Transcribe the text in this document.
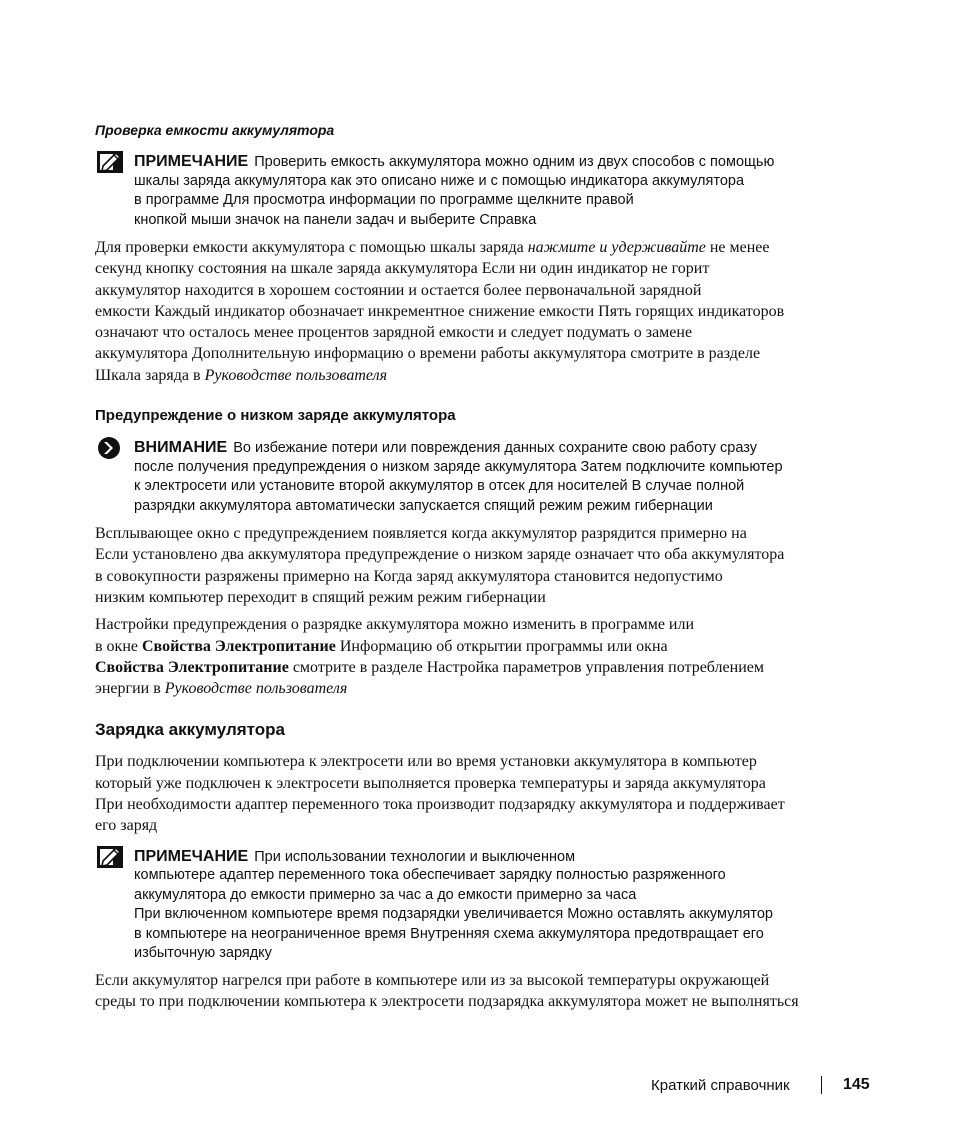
Проверка емкости аккумулятора
ПРИМЕЧАНИЕ Проверить емкость аккумулятора можно одним из двух способов с помощью
шкалы заряда аккумулятора как это описано ниже и с помощью индикатора аккумулятора
в программе Для просмотра информации по программе щелкните правой
кнопкой мыши значок на панели задач и выберите Справка
Для проверки емкости аккумулятора с помощью шкалы заряда нажмите и удерживайте не менее
секунд кнопку состояния на шкале заряда аккумулятора Если ни один индикатор не горит
аккумулятор находится в хорошем состоянии и остается более первоначальной зарядной
емкости Каждый индикатор обозначает инкрементное снижение емкости Пять горящих индикаторов
означают что осталось менее процентов зарядной емкости и следует подумать о замене
аккумулятора Дополнительную информацию о времени работы аккумулятора смотрите в разделе
Шкала заряда в Руководстве пользователя
Предупреждение о низком заряде аккумулятора
ВНИМАНИЕ Во избежание потери или повреждения данных сохраните свою работу сразу
после получения предупреждения о низком заряде аккумулятора Затем подключите компьютер
к электросети или установите второй аккумулятор в отсек для носителей В случае полной
разрядки аккумулятора автоматически запускается спящий режим режим гибернации
Всплывающее окно с предупреждением появляется когда аккумулятор разрядится примерно на
Если установлено два аккумулятора предупреждение о низком заряде означает что оба аккумулятора
в совокупности разряжены примерно на Когда заряд аккумулятора становится недопустимо
низким компьютер переходит в спящий режим режим гибернации
Настройки предупреждения о разрядке аккумулятора можно изменить в программе или
в окне Свойства Электропитание Информацию об открытии программы или окна
Свойства Электропитание смотрите в разделе Настройка параметров управления потреблением
энергии в Руководстве пользователя
Зарядка аккумулятора
При подключении компьютера к электросети или во время установки аккумулятора в компьютер
который уже подключен к электросети выполняется проверка температуры и заряда аккумулятора
При необходимости адаптер переменного тока производит подзарядку аккумулятора и поддерживает
его заряд
ПРИМЕЧАНИЕ При использовании технологии и выключенном
компьютере адаптер переменного тока обеспечивает зарядку полностью разряженного
аккумулятора до емкости примерно за час а до емкости примерно за часа
При включенном компьютере время подзарядки увеличивается Можно оставлять аккумулятор
в компьютере на неограниченное время Внутренняя схема аккумулятора предотвращает его
избыточную зарядку
Если аккумулятор нагрелся при работе в компьютере или из за высокой температуры окружающей
среды то при подключении компьютера к электросети подзарядка аккумулятора может не выполняться
Краткий справочник	145
